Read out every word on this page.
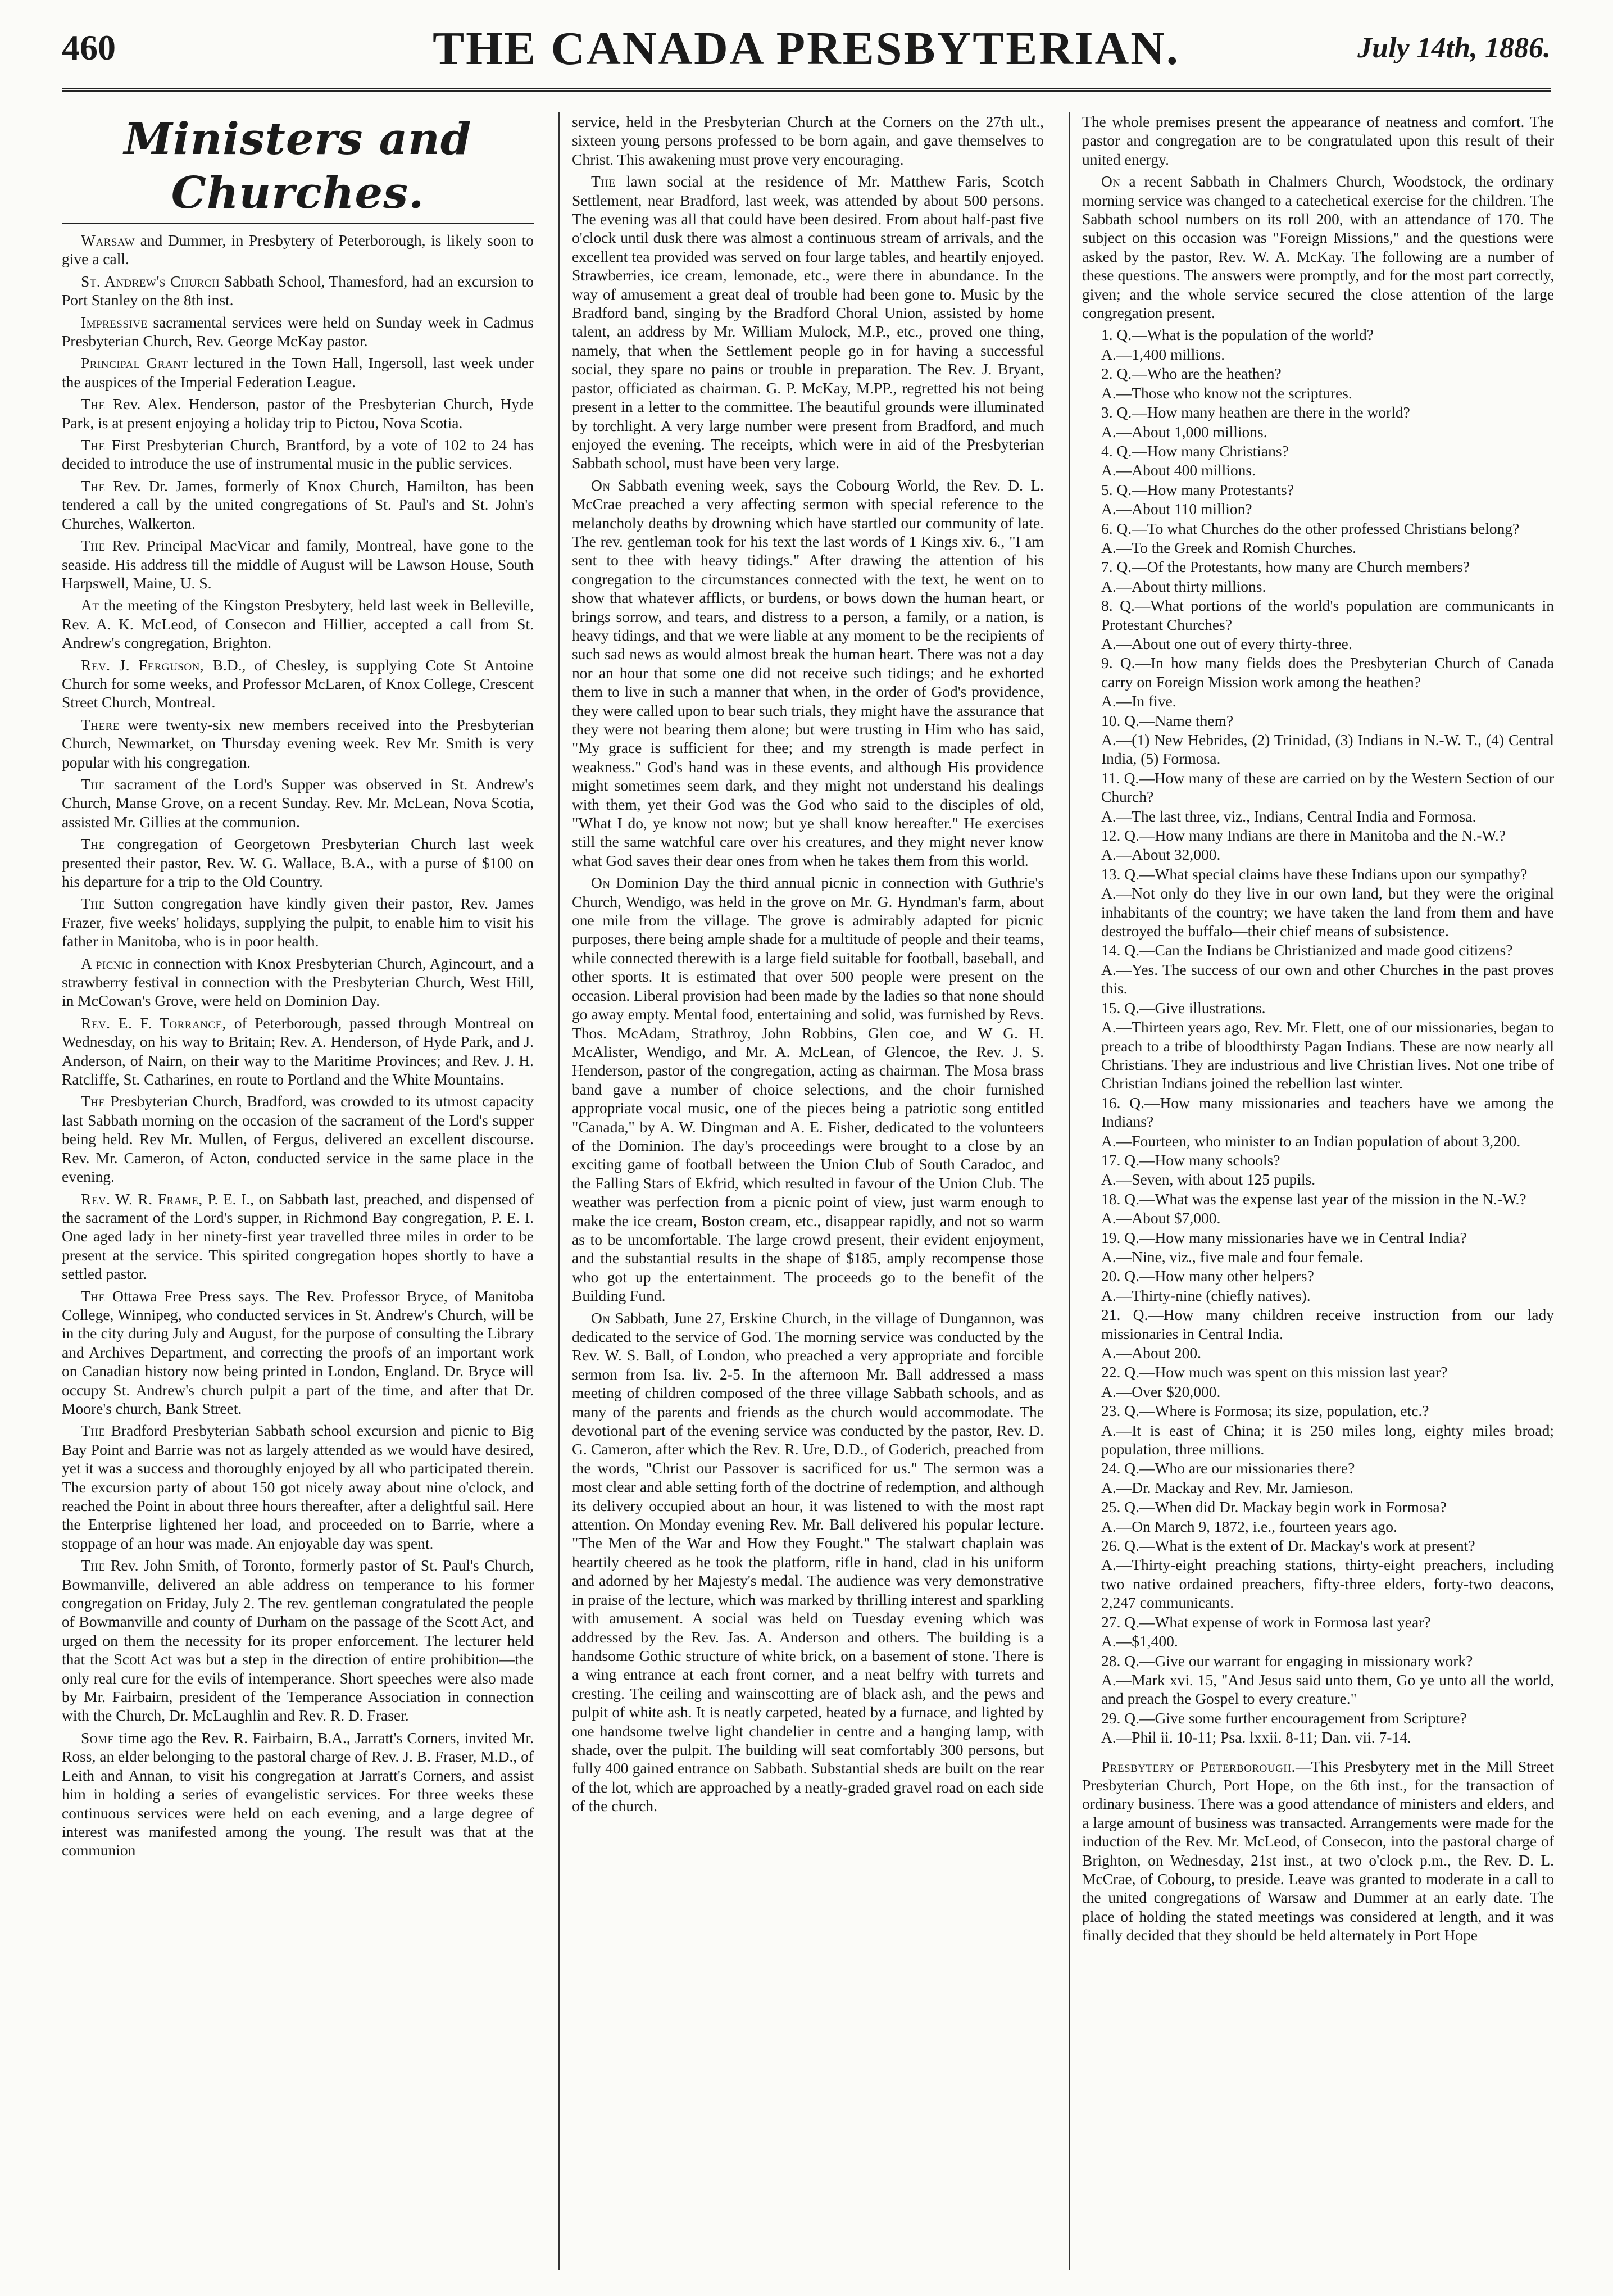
460	THE CANADA PRESBYTERIAN.	July 14th, 1886.
Ministers and Churches.

Warsaw and Dummer, in Presbytery of Peterborough, is likely soon to give a call.

St. Andrew's Church Sabbath School, Thamesford, had an excursion to Port Stanley on the 8th inst.

Impressive sacramental services were held on Sunday week in Cadmus Presbyterian Church, Rev. George McKay pastor.

Principal Grant lectured in the Town Hall, Ingersoll, last week under the auspices of the Imperial Federation League.

The Rev. Alex. Henderson, pastor of the Presbyterian Church, Hyde Park, is at present enjoying a holiday trip to Pictou, Nova Scotia.

The First Presbyterian Church, Brantford, by a vote of 102 to 24 has decided to introduce the use of instrumental music in the public services.

The Rev. Dr. James, formerly of Knox Church, Hamilton, has been tendered a call by the united congregations of St. Paul's and St. John's Churches, Walkerton.

The Rev. Principal MacVicar and family, Montreal, have gone to the seaside. His address till the middle of August will be Lawson House, South Harpswell, Maine, U. S.

At the meeting of the Kingston Presbytery, held last week in Belleville, Rev. A. K. McLeod, of Consecon and Hillier, accepted a call from St. Andrew's congregation, Brighton.

Rev. J. Ferguson, B.D., of Chesley, is supplying Cote St Antoine Church for some weeks, and Professor McLaren, of Knox College, Crescent Street Church, Montreal.

There were twenty-six new members received into the Presbyterian Church, Newmarket, on Thursday evening week. Rev Mr. Smith is very popular with his congregation.

The sacrament of the Lord's Supper was observed in St. Andrew's Church, Manse Grove, on a recent Sunday. Rev. Mr. McLean, Nova Scotia, assisted Mr. Gillies at the communion.

The congregation of Georgetown Presbyterian Church last week presented their pastor, Rev. W. G. Wallace, B.A., with a purse of $100 on his departure for a trip to the Old Country.

The Sutton congregation have kindly given their pastor, Rev. James Frazer, five weeks' holidays, supplying the pulpit, to enable him to visit his father in Manitoba, who is in poor health.

A picnic in connection with Knox Presbyterian Church, Agincourt, and a strawberry festival in connection with the Presbyterian Church, West Hill, in McCowan's Grove, were held on Dominion Day.

Rev. E. F. Torrance, of Peterborough, passed through Montreal on Wednesday, on his way to Britain; Rev. A. Henderson, of Hyde Park, and J. Anderson, of Nairn, on their way to the Maritime Provinces; and Rev. J. H. Ratcliffe, St. Catharines, en route to Portland and the White Mountains.

The Presbyterian Church, Bradford, was crowded to its utmost capacity last Sabbath morning on the occasion of the sacrament of the Lord's supper being held. Rev Mr. Mullen, of Fergus, delivered an excellent discourse. Rev. Mr. Cameron, of Acton, conducted service in the same place in the evening.

Rev. W. R. Frame, P. E. I., on Sabbath last, preached, and dispensed of the sacrament of the Lord's supper, in Richmond Bay congregation, P. E. I. One aged lady in her ninety-first year travelled three miles in order to be present at the service. This spirited congregation hopes shortly to have a settled pastor.

The Ottawa Free Press says. The Rev. Professor Bryce, of Manitoba College, Winnipeg, who conducted services in St. Andrew's Church, will be in the city during July and August, for the purpose of consulting the Library and Archives Department, and correcting the proofs of an important work on Canadian history now being printed in London, England. Dr. Bryce will occupy St. Andrew's church pulpit a part of the time, and after that Dr. Moore's church, Bank Street.

The Bradford Presbyterian Sabbath school excursion and picnic to Big Bay Point and Barrie was not as largely attended as we would have desired, yet it was a success and thoroughly enjoyed by all who participated therein. The excursion party of about 150 got nicely away about nine o'clock, and reached the Point in about three hours thereafter, after a delightful sail. Here the Enterprise lightened her load, and proceeded on to Barrie, where a stoppage of an hour was made. An enjoyable day was spent.

The Rev. John Smith, of Toronto, formerly pastor of St. Paul's Church, Bowmanville, delivered an able address on temperance to his former congregation on Friday, July 2. The rev. gentleman congratulated the people of Bowmanville and county of Durham on the passage of the Scott Act, and urged on them the necessity for its proper enforcement. The lecturer held that the Scott Act was but a step in the direction of entire prohibition—the only real cure for the evils of intemperance. Short speeches were also made by Mr. Fairbairn, president of the Temperance Association in connection with the Church, Dr. McLaughlin and Rev. R. D. Fraser.

Some time ago the Rev. R. Fairbairn, B.A., Jarratt's Corners, invited Mr. Ross, an elder belonging to the pastoral charge of Rev. J. B. Fraser, M.D., of Leith and Annan, to visit his congregation at Jarratt's Corners, and assist him in holding a series of evangelistic services. For three weeks these continuous services were held on each evening, and a large degree of interest was manifested among the young. The result was that at the communion

service, held in the Presbyterian Church at the Corners on the 27th ult., sixteen young persons professed to be born again, and gave themselves to Christ. This awakening must prove very encouraging.

The lawn social at the residence of Mr. Matthew Faris, Scotch Settlement, near Bradford, last week, was attended by about 500 persons. The evening was all that could have been desired. From about half-past five o'clock until dusk there was almost a continuous stream of arrivals, and the excellent tea provided was served on four large tables, and heartily enjoyed. Strawberries, ice cream, lemonade, etc., were there in abundance. In the way of amusement a great deal of trouble had been gone to. Music by the Bradford band, singing by the Bradford Choral Union, assisted by home talent, an address by Mr. William Mulock, M.P., etc., proved one thing, namely, that when the Settlement people go in for having a successful social, they spare no pains or trouble in preparation. The Rev. J. Bryant, pastor, officiated as chairman. G. P. McKay, M.PP., regretted his not being present in a letter to the committee. The beautiful grounds were illuminated by torchlight. A very large number were present from Bradford, and much enjoyed the evening. The receipts, which were in aid of the Presbyterian Sabbath school, must have been very large.

On Sabbath evening week, says the Cobourg World, the Rev. D. L. McCrae preached a very affecting sermon with special reference to the melancholy deaths by drowning which have startled our community of late. The rev. gentleman took for his text the last words of 1 Kings xiv. 6., "I am sent to thee with heavy tidings." After drawing the attention of his congregation to the circumstances connected with the text, he went on to show that whatever afflicts, or burdens, or bows down the human heart, or brings sorrow, and tears, and distress to a person, a family, or a nation, is heavy tidings, and that we were liable at any moment to be the recipients of such sad news as would almost break the human heart. There was not a day nor an hour that some one did not receive such tidings; and he exhorted them to live in such a manner that when, in the order of God's providence, they were called upon to bear such trials, they might have the assurance that they were not bearing them alone; but were trusting in Him who has said, "My grace is sufficient for thee; and my strength is made perfect in weakness." God's hand was in these events, and although His providence might sometimes seem dark, and they might not understand his dealings with them, yet their God was the God who said to the disciples of old, "What I do, ye know not now; but ye shall know hereafter." He exercises still the same watchful care over his creatures, and they might never know what God saves their dear ones from when he takes them from this world.

On Dominion Day the third annual picnic in connection with Guthrie's Church, Wendigo, was held in the grove on Mr. G. Hyndman's farm, about one mile from the village. The grove is admirably adapted for picnic purposes, there being ample shade for a multitude of people and their teams, while connected therewith is a large field suitable for football, baseball, and other sports. It is estimated that over 500 people were present on the occasion. Liberal provision had been made by the ladies so that none should go away empty. Mental food, entertaining and solid, was furnished by Revs. Thos. McAdam, Strathroy, John Robbins, Glen coe, and W G. H. McAlister, Wendigo, and Mr. A. McLean, of Glencoe, the Rev. J. S. Henderson, pastor of the congregation, acting as chairman. The Mosa brass band gave a number of choice selections, and the choir furnished appropriate vocal music, one of the pieces being a patriotic song entitled "Canada," by A. W. Dingman and A. E. Fisher, dedicated to the volunteers of the Dominion. The day's proceedings were brought to a close by an exciting game of football between the Union Club of South Caradoc, and the Falling Stars of Ekfrid, which resulted in favour of the Union Club. The weather was perfection from a picnic point of view, just warm enough to make the ice cream, Boston cream, etc., disappear rapidly, and not so warm as to be uncomfortable. The large crowd present, their evident enjoyment, and the substantial results in the shape of $185, amply recompense those who got up the entertainment. The proceeds go to the benefit of the Building Fund.

On Sabbath, June 27, Erskine Church, in the village of Dungannon, was dedicated to the service of God. The morning service was conducted by the Rev. W. S. Ball, of London, who preached a very appropriate and forcible sermon from Isa. liv. 2-5. In the afternoon Mr. Ball addressed a mass meeting of children composed of the three village Sabbath schools, and as many of the parents and friends as the church would accommodate. The devotional part of the evening service was conducted by the pastor, Rev. D. G. Cameron, after which the Rev. R. Ure, D.D., of Goderich, preached from the words, "Christ our Passover is sacrificed for us." The sermon was a most clear and able setting forth of the doctrine of redemption, and although its delivery occupied about an hour, it was listened to with the most rapt attention. On Monday evening Rev. Mr. Ball delivered his popular lecture. "The Men of the War and How they Fought." The stalwart chaplain was heartily cheered as he took the platform, rifle in hand, clad in his uniform and adorned by her Majesty's medal. The audience was very demonstrative in praise of the lecture, which was marked by thrilling interest and sparkling with amusement. A social was held on Tuesday evening which was addressed by the Rev. Jas. A. Anderson and others. The building is a handsome Gothic structure of white brick, on a basement of stone. There is a wing entrance at each front corner, and a neat belfry with turrets and cresting. The ceiling and wainscotting are of black ash, and the pews and pulpit of white ash. It is neatly carpeted, heated by a furnace, and lighted by one handsome twelve light chandelier in centre and a hanging lamp, with shade, over the pulpit. The building will seat comfortably 300 persons, but fully 400 gained entrance on Sabbath. Substantial sheds are built on the rear of the lot, which are approached by a neatly-graded gravel road on each side of the church.

The whole premises present the appearance of neatness and comfort. The pastor and congregation are to be congratulated upon this result of their united energy.

On a recent Sabbath in Chalmers Church, Woodstock, the ordinary morning service was changed to a catechetical exercise for the children. The Sabbath school numbers on its roll 200, with an attendance of 170. The subject on this occasion was "Foreign Missions," and the questions were asked by the pastor, Rev. W. A. McKay. The following are a number of these questions. The answers were promptly, and for the most part correctly, given; and the whole service secured the close attention of the large congregation present.

1. Q.—What is the population of the world?

A.—1,400 millions.

2. Q.—Who are the heathen?

A.—Those who know not the scriptures.

3. Q.—How many heathen are there in the world?

A.—About 1,000 millions.

4. Q.—How many Christians?

A.—About 400 millions.

5. Q.—How many Protestants?

A.—About 110 million?

6. Q.—To what Churches do the other professed Christians belong?

A.—To the Greek and Romish Churches.

7. Q.—Of the Protestants, how many are Church members?

A.—About thirty millions.

8. Q.—What portions of the world's population are communicants in Protestant Churches?

A.—About one out of every thirty-three.

9. Q.—In how many fields does the Presbyterian Church of Canada carry on Foreign Mission work among the heathen?

A.—In five.

10. Q.—Name them?

A.—(1) New Hebrides, (2) Trinidad, (3) Indians in N.-W. T., (4) Central India, (5) Formosa.

11. Q.—How many of these are carried on by the Western Section of our Church?

A.—The last three, viz., Indians, Central India and Formosa.

12. Q.—How many Indians are there in Manitoba and the N.-W.?

A.—About 32,000.

13. Q.—What special claims have these Indians upon our sympathy?

A.—Not only do they live in our own land, but they were the original inhabitants of the country; we have taken the land from them and have destroyed the buffalo—their chief means of subsistence.

14. Q.—Can the Indians be Christianized and made good citizens?

A.—Yes. The success of our own and other Churches in the past proves this.

15. Q.—Give illustrations.

A.—Thirteen years ago, Rev. Mr. Flett, one of our missionaries, began to preach to a tribe of bloodthirsty Pagan Indians. These are now nearly all Christians. They are industrious and live Christian lives. Not one tribe of Christian Indians joined the rebellion last winter.

16. Q.—How many missionaries and teachers have we among the Indians?

A.—Fourteen, who minister to an Indian population of about 3,200.

17. Q.—How many schools?

A.—Seven, with about 125 pupils.

18. Q.—What was the expense last year of the mission in the N.-W.?

A.—About $7,000.

19. Q.—How many missionaries have we in Central India?

A.—Nine, viz., five male and four female.

20. Q.—How many other helpers?

A.—Thirty-nine (chiefly natives).

21. Q.—How many children receive instruction from our lady missionaries in Central India.

A.—About 200.

22. Q.—How much was spent on this mission last year?

A.—Over $20,000.

23. Q.—Where is Formosa; its size, population, etc.?

A.—It is east of China; it is 250 miles long, eighty miles broad; population, three millions.

24. Q.—Who are our missionaries there?

A.—Dr. Mackay and Rev. Mr. Jamieson.

25. Q.—When did Dr. Mackay begin work in Formosa?

A.—On March 9, 1872, i.e., fourteen years ago.

26. Q.—What is the extent of Dr. Mackay's work at present?

A.—Thirty-eight preaching stations, thirty-eight preachers, including two native ordained preachers, fifty-three elders, forty-two deacons, 2,247 communicants.

27. Q.—What expense of work in Formosa last year?

A.—$1,400.

28. Q.—Give our warrant for engaging in missionary work?

A.—Mark xvi. 15, "And Jesus said unto them, Go ye unto all the world, and preach the Gospel to every creature."

29. Q.—Give some further encouragement from Scripture?

A.—Phil ii. 10-11; Psa. lxxii. 8-11; Dan. vii. 7-14.

Presbytery of Peterborough.—This Presbytery met in the Mill Street Presbyterian Church, Port Hope, on the 6th inst., for the transaction of ordinary business. There was a good attendance of ministers and elders, and a large amount of business was transacted. Arrangements were made for the induction of the Rev. Mr. McLeod, of Consecon, into the pastoral charge of Brighton, on Wednesday, 21st inst., at two o'clock p.m., the Rev. D. L. McCrae, of Cobourg, to preside. Leave was granted to moderate in a call to the united congregations of Warsaw and Dummer at an early date. The place of holding the stated meetings was considered at length, and it was finally decided that they should be held alternately in Port Hope
